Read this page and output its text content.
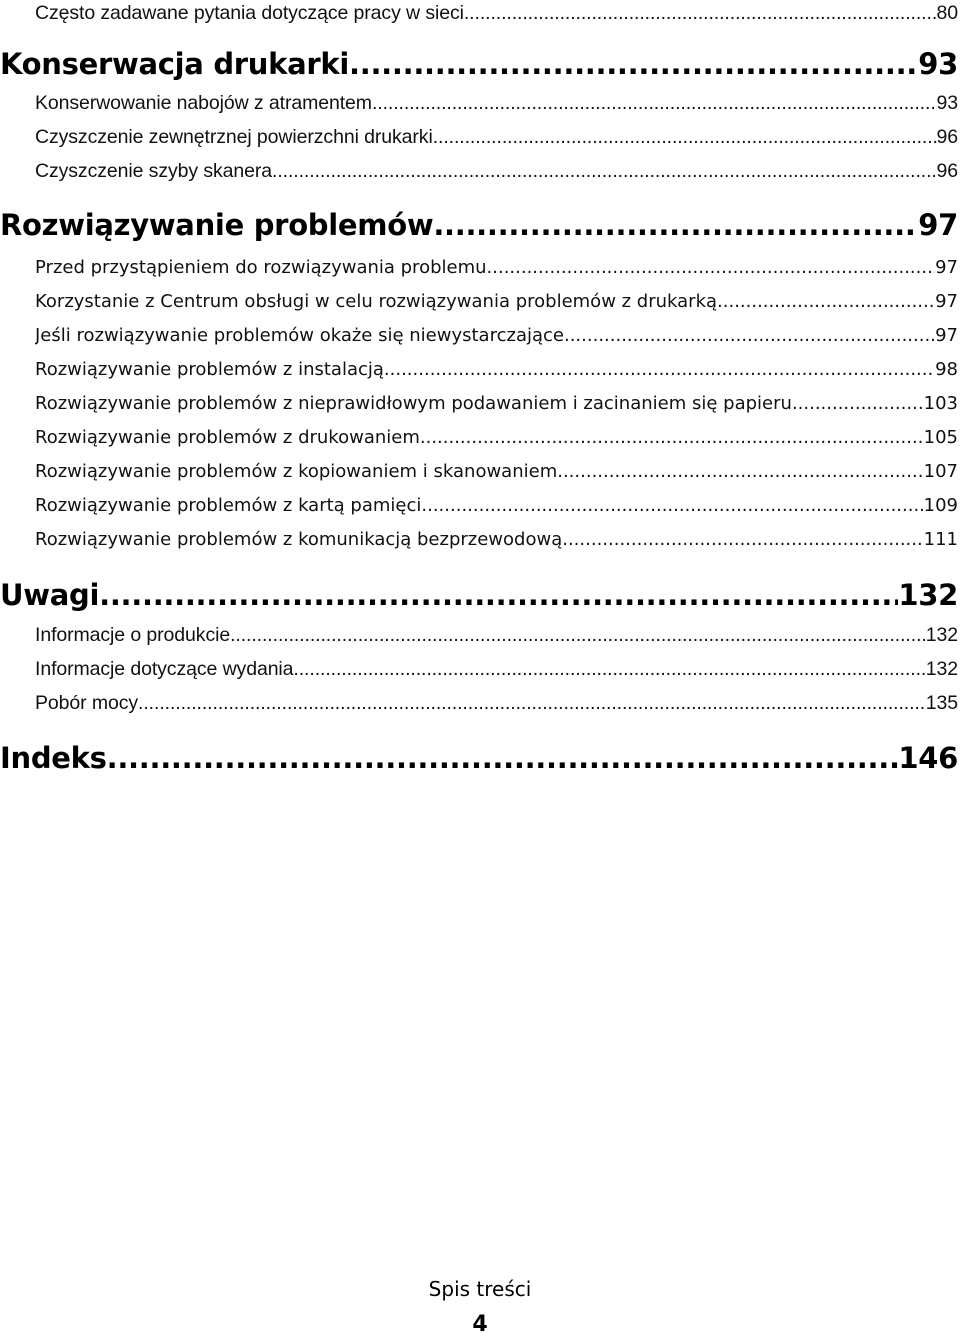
Często zadawane pytania dotyczące pracy w sieci .....	80
Konserwacja drukarki .....	93
Konserwowanie nabojów z atramentem .....	93
Czyszczenie zewnętrznej powierzchni drukarki .....	96
Czyszczenie szyby skanera .....	96
Rozwiązywanie problemów .....	97
Przed przystąpieniem do rozwiązywania problemu .....	97
Korzystanie z Centrum obsługi w celu rozwiązywania problemów z drukarką .....	97
Jeśli rozwiązywanie problemów okaże się niewystarczające .....	97
Rozwiązywanie problemów z instalacją .....	98
Rozwiązywanie problemów z nieprawidłowym podawaniem i zacinaniem się papieru .....	103
Rozwiązywanie problemów z drukowaniem .....	105
Rozwiązywanie problemów z kopiowaniem i skanowaniem .....	107
Rozwiązywanie problemów z kartą pamięci .....	109
Rozwiązywanie problemów z komunikacją bezprzewodową .....	111
Uwagi .....	132
Informacje o produkcie .....	132
Informacje dotyczące wydania .....	132
Pobór mocy .....	135
Indeks .....	146
Spis treści
4
